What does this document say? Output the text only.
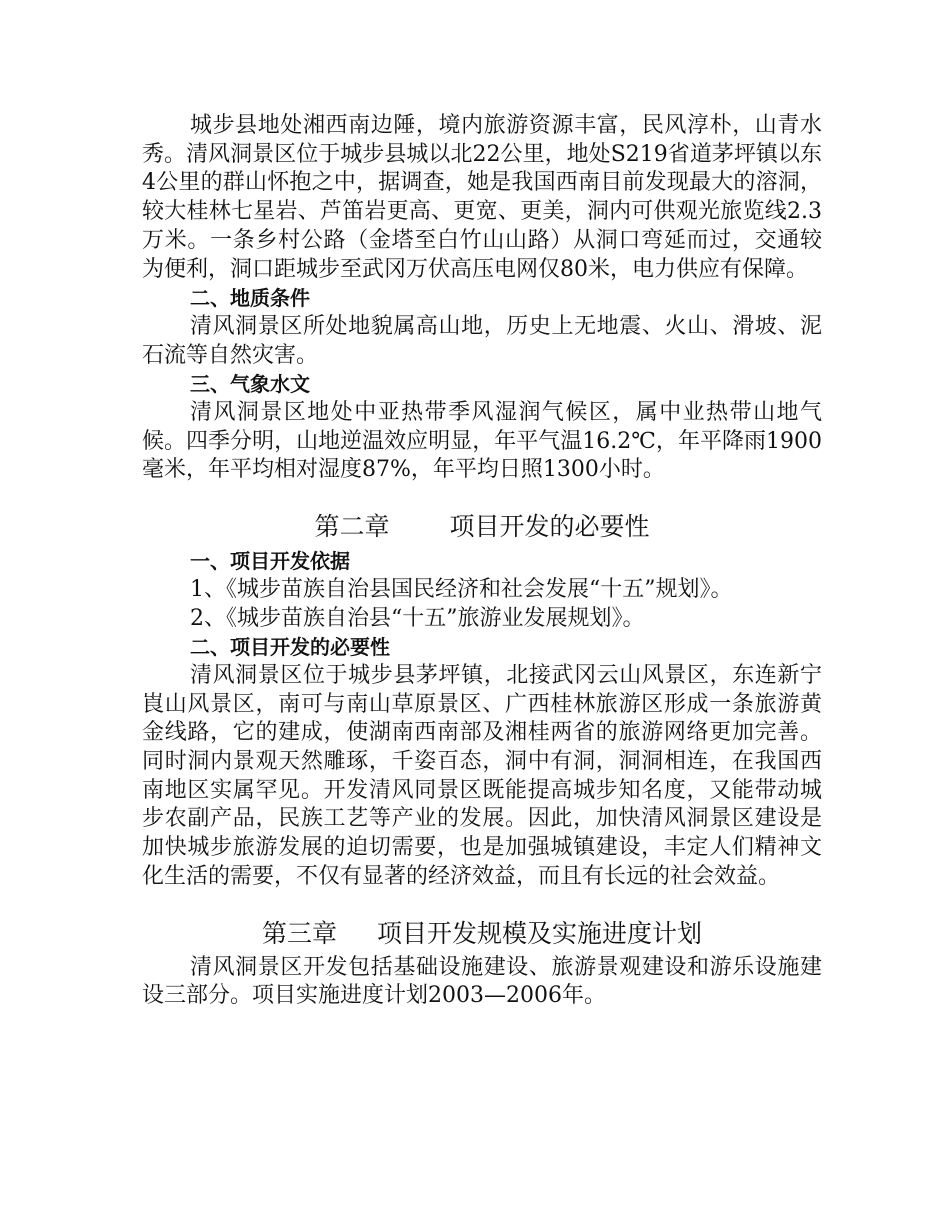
城步县地处湘西南边陲，境内旅游资源丰富，民风淳朴，山青水秀。清风洞景区位于城步县城以北22公里，地处S219省道茅坪镇以东4公里的群山怀抱之中，据调查，她是我国西南目前发现最大的溶洞，较大桂林七星岩、芦笛岩更高、更宽、更美，洞内可供观光旅览线2.3万米。一条乡村公路（金塔至白竹山山路）从洞口弯延而过，交通较为便利，洞口距城步至武冈万伏高压电网仅80米，电力供应有保障。

二、地质条件

清风洞景区所处地貌属高山地，历史上无地震、火山、滑坡、泥石流等自然灾害。

三、气象水文

清风洞景区地处中亚热带季风湿润气候区，属中业热带山地气候。四季分明，山地逆温效应明显，年平气温16.2℃，年平降雨1900毫米，年平均相对湿度87%，年平均日照1300小时。

第二章 项目开发的必要性

一、项目开发依据

1、《城步苗族自治县国民经济和社会发展“十五”规划》。

2、《城步苗族自治县“十五”旅游业发展规划》。

二、项目开发的必要性

清风洞景区位于城步县茅坪镇，北接武冈云山风景区，东连新宁崀山风景区，南可与南山草原景区、广西桂林旅游区形成一条旅游黄金线路，它的建成，使湖南西南部及湘桂两省的旅游网络更加完善。同时洞内景观天然雕琢，千姿百态，洞中有洞，洞洞相连，在我国西南地区实属罕见。开发清风同景区既能提高城步知名度，又能带动城步农副产品，民族工艺等产业的发展。因此，加快清风洞景区建设是加快城步旅游发展的迫切需要，也是加强城镇建设，丰定人们精神文化生活的需要，不仅有显著的经济效益，而且有长远的社会效益。

第三章 项目开发规模及实施进度计划

清风洞景区开发包括基础设施建设、旅游景观建设和游乐设施建设三部分。项目实施进度计划2003—2006年。
